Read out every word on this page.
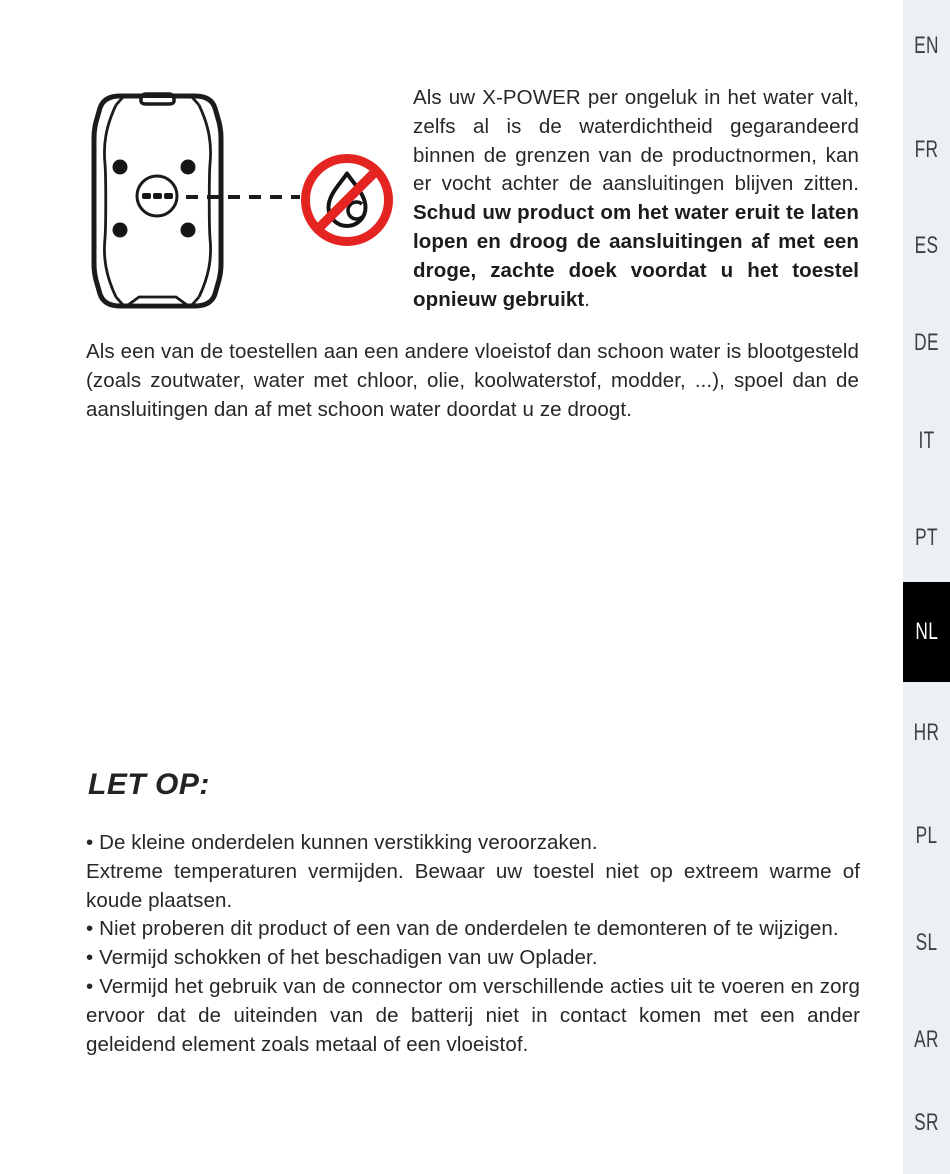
Als uw X-POWER per ongeluk in het water valt, zelfs al is de waterdichtheid gegarandeerd binnen de grenzen van de productnormen, kan er vocht achter de aansluitingen blijven zitten. Schud uw product om het water eruit te laten lopen en droog de aansluitingen af met een droge, zachte doek voordat u het toestel opnieuw gebruikt.
Als een van de toestellen aan een andere vloeistof dan schoon water is blootgesteld (zoals zoutwater, water met chloor, olie, koolwaterstof, modder, ...), spoel dan de aansluitingen dan af met schoon water doordat u ze droogt.
LET OP:

• De kleine onderdelen kunnen verstikking veroorzaken.

Extreme temperaturen vermijden. Bewaar uw toestel niet op extreem warme of koude plaatsen.

• Niet proberen dit product of een van de onderdelen te demonteren of te wijzigen.

• Vermijd schokken of het beschadigen van uw Oplader.

• Vermijd het gebruik van de connector om verschillende acties uit te voeren en zorg ervoor dat de uiteinden van de batterij niet in contact komen met een ander geleidend element zoals metaal of een vloeistof.

EN
FR
ES
DE
IT
PT
NL
HR
PL
SL
AR
SR
